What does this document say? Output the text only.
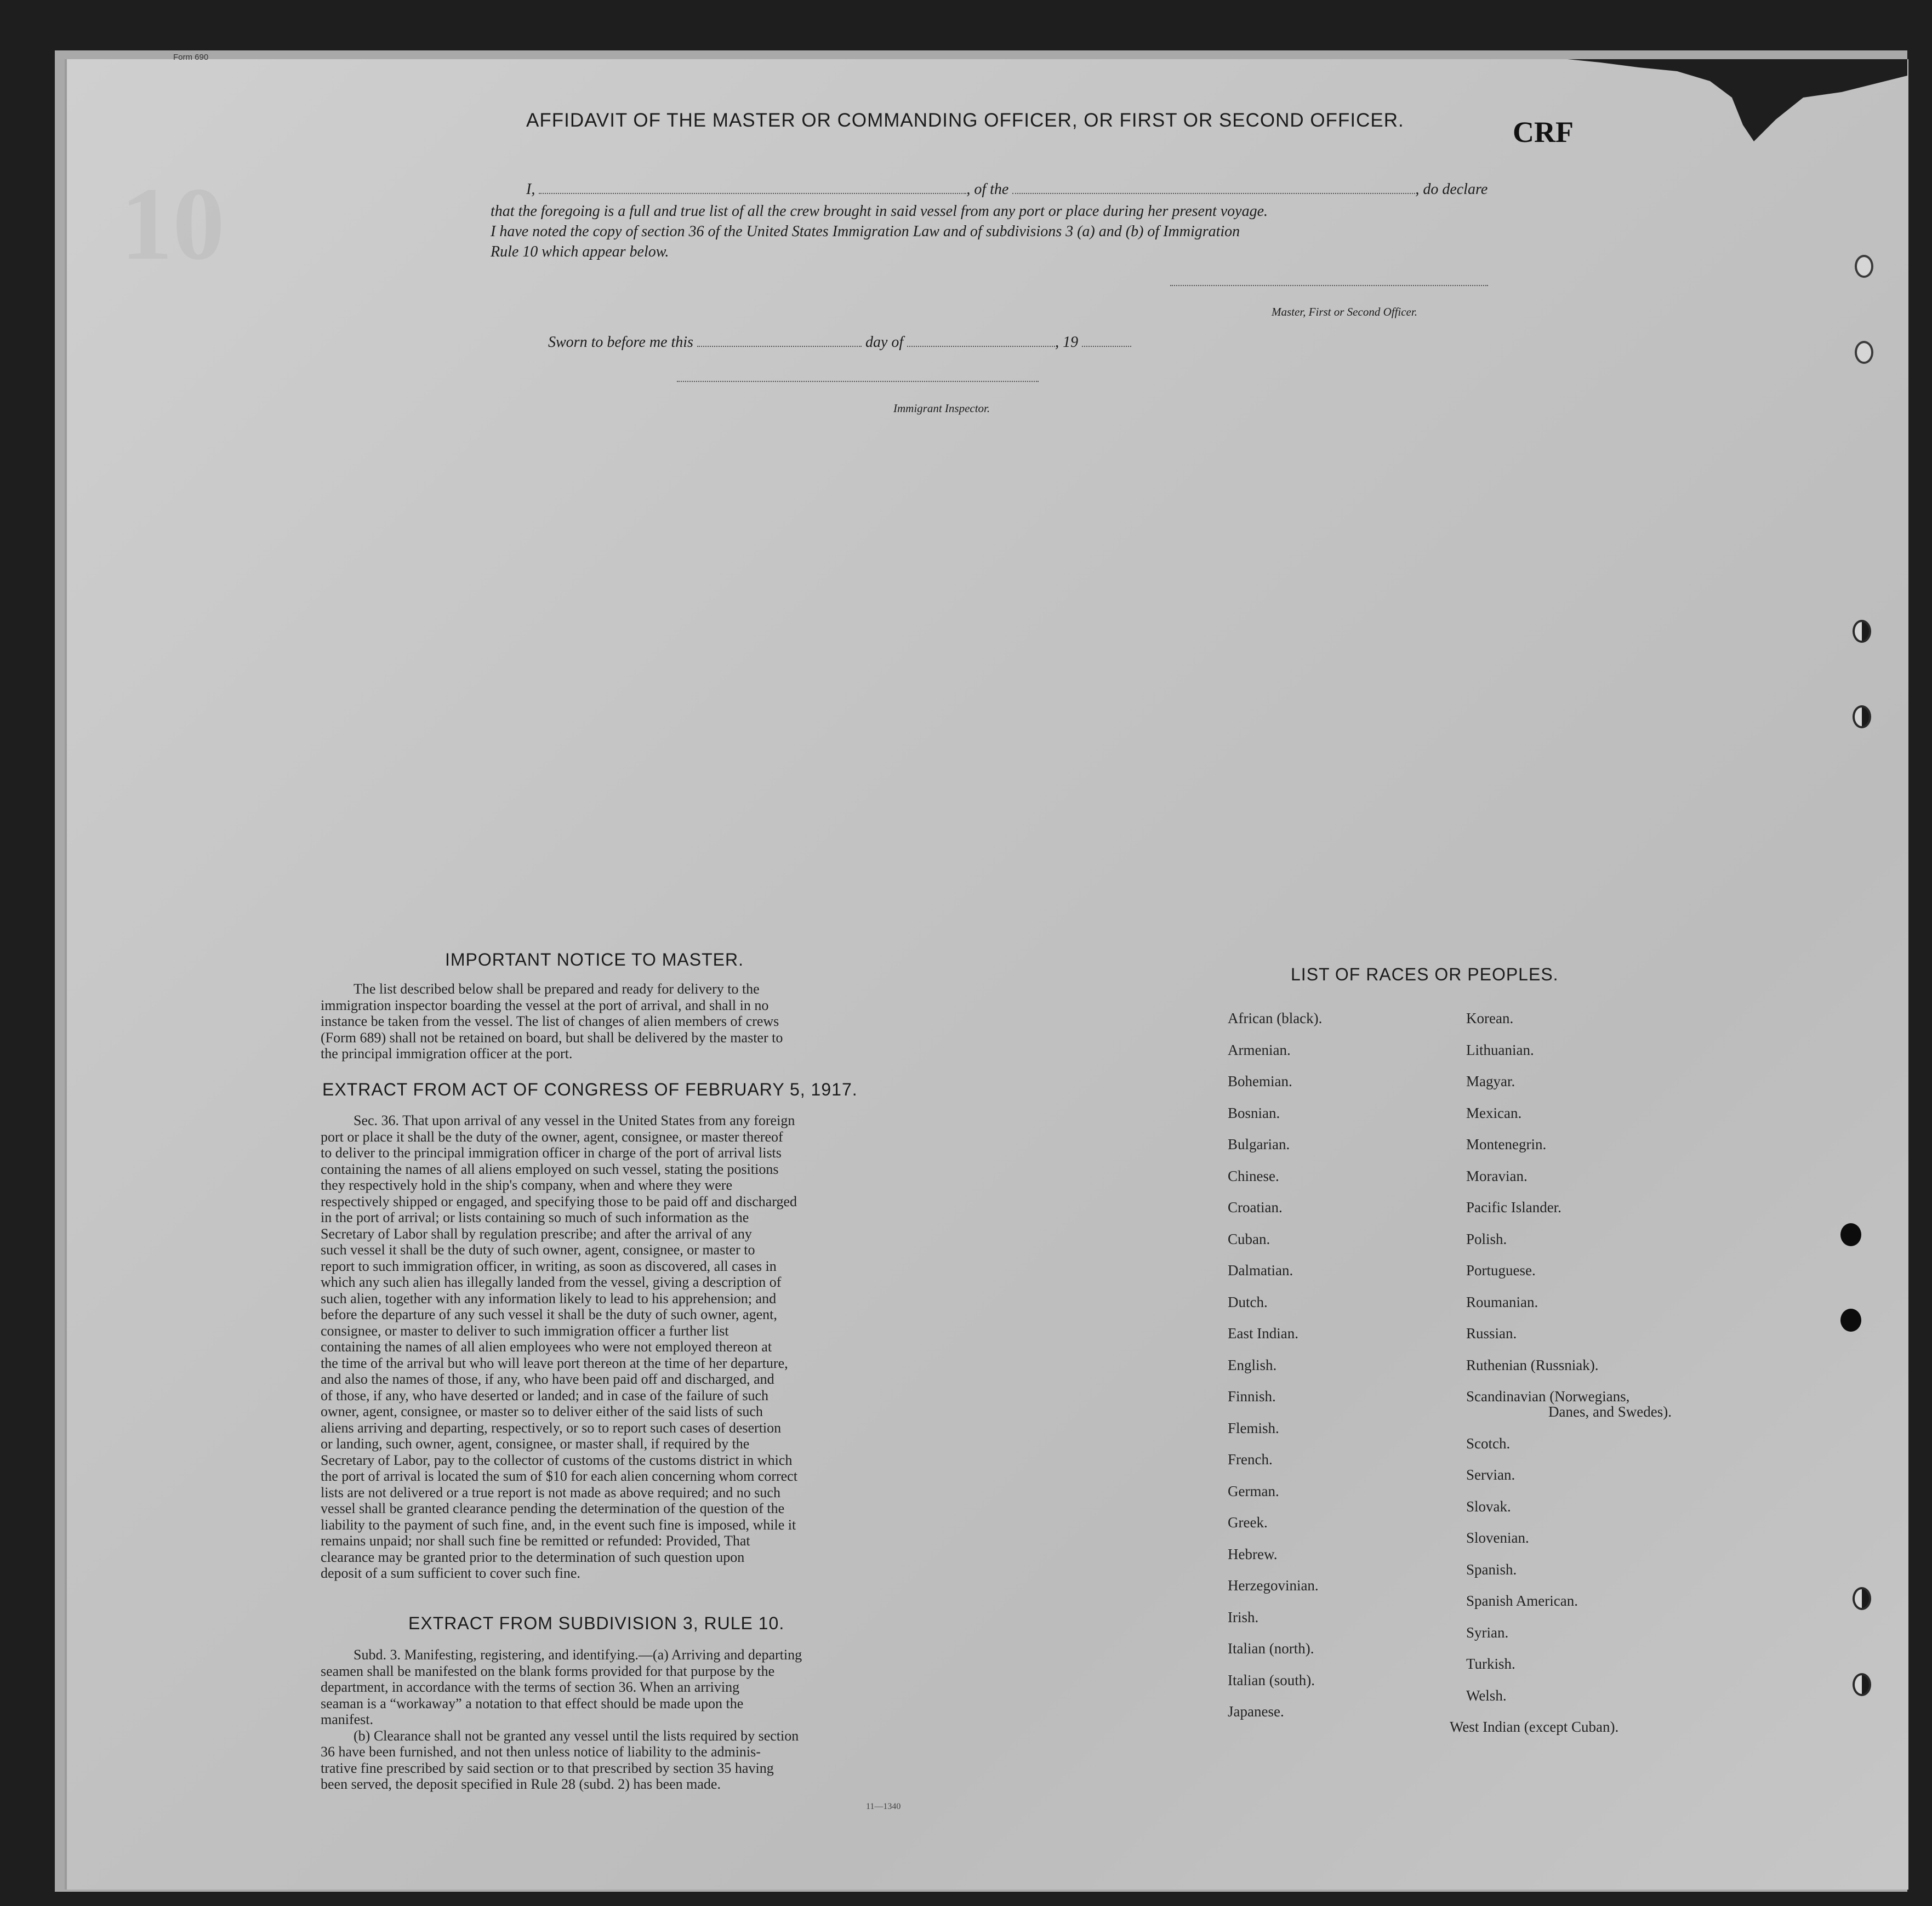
Form 690
CRF
10
AFFIDAVIT OF THE MASTER OR COMMANDING OFFICER, OR FIRST OR SECOND OFFICER.
I,	, of the	, do declare
that the foregoing is a full and true list of all the crew brought in said vessel from any port or place during her present voyage.
I have noted the copy of section 36 of the United States Immigration Law and of subdivisions 3 (a) and (b) of Immigration
Rule 10 which appear below.
Master, First or Second Officer.
Sworn to before me this	day of	, 19
Immigrant Inspector.
IMPORTANT NOTICE TO MASTER.
The list described below shall be prepared and ready for delivery to the
immigration inspector boarding the vessel at the port of arrival, and shall in no
instance be taken from the vessel. The list of changes of alien members of crews
(Form 689) shall not be retained on board, but shall be delivered by the master to
the principal immigration officer at the port.
EXTRACT FROM ACT OF CONGRESS OF FEBRUARY 5, 1917.
Sec. 36. That upon arrival of any vessel in the United States from any foreign
port or place it shall be the duty of the owner, agent, consignee, or master thereof
to deliver to the principal immigration officer in charge of the port of arrival lists
containing the names of all aliens employed on such vessel, stating the positions
they respectively hold in the ship's company, when and where they were
respectively shipped or engaged, and specifying those to be paid off and discharged
in the port of arrival; or lists containing so much of such information as the
Secretary of Labor shall by regulation prescribe; and after the arrival of any
such vessel it shall be the duty of such owner, agent, consignee, or master to
report to such immigration officer, in writing, as soon as discovered, all cases in
which any such alien has illegally landed from the vessel, giving a description of
such alien, together with any information likely to lead to his apprehension; and
before the departure of any such vessel it shall be the duty of such owner, agent,
consignee, or master to deliver to such immigration officer a further list
containing the names of all alien employees who were not employed thereon at
the time of the arrival but who will leave port thereon at the time of her departure,
and also the names of those, if any, who have been paid off and discharged, and
of those, if any, who have deserted or landed; and in case of the failure of such
owner, agent, consignee, or master so to deliver either of the said lists of such
aliens arriving and departing, respectively, or so to report such cases of desertion
or landing, such owner, agent, consignee, or master shall, if required by the
Secretary of Labor, pay to the collector of customs of the customs district in which
the port of arrival is located the sum of $10 for each alien concerning whom correct
lists are not delivered or a true report is not made as above required; and no such
vessel shall be granted clearance pending the determination of the question of the
liability to the payment of such fine, and, in the event such fine is imposed, while it
remains unpaid; nor shall such fine be remitted or refunded: Provided, That
clearance may be granted prior to the determination of such question upon
deposit of a sum sufficient to cover such fine.
EXTRACT FROM SUBDIVISION 3, RULE 10.
Subd. 3. Manifesting, registering, and identifying.—(a) Arriving and departing
seamen shall be manifested on the blank forms provided for that purpose by the
department, in accordance with the terms of section 36. When an arriving
seaman is a “workaway” a notation to that effect should be made upon the
manifest.
(b) Clearance shall not be granted any vessel until the lists required by section
36 have been furnished, and not then unless notice of liability to the adminis-
trative fine prescribed by said section or to that prescribed by section 35 having
been served, the deposit specified in Rule 28 (subd. 2) has been made.
11—1340
LIST OF RACES OR PEOPLES.
African (black).
Armenian.
Bohemian.
Bosnian.
Bulgarian.
Chinese.
Croatian.
Cuban.
Dalmatian.
Dutch.
East Indian.
English.
Finnish.
Flemish.
French.
German.
Greek.
Hebrew.
Herzegovinian.
Irish.
Italian (north).
Italian (south).
Japanese.
Korean.
Lithuanian.
Magyar.
Mexican.
Montenegrin.
Moravian.
Pacific Islander.
Polish.
Portuguese.
Roumanian.
Russian.
Ruthenian (Russniak).
Scandinavian (Norwegians,
Danes, and Swedes).
Scotch.
Servian.
Slovak.
Slovenian.
Spanish.
Spanish American.
Syrian.
Turkish.
Welsh.
West Indian (except Cuban).
